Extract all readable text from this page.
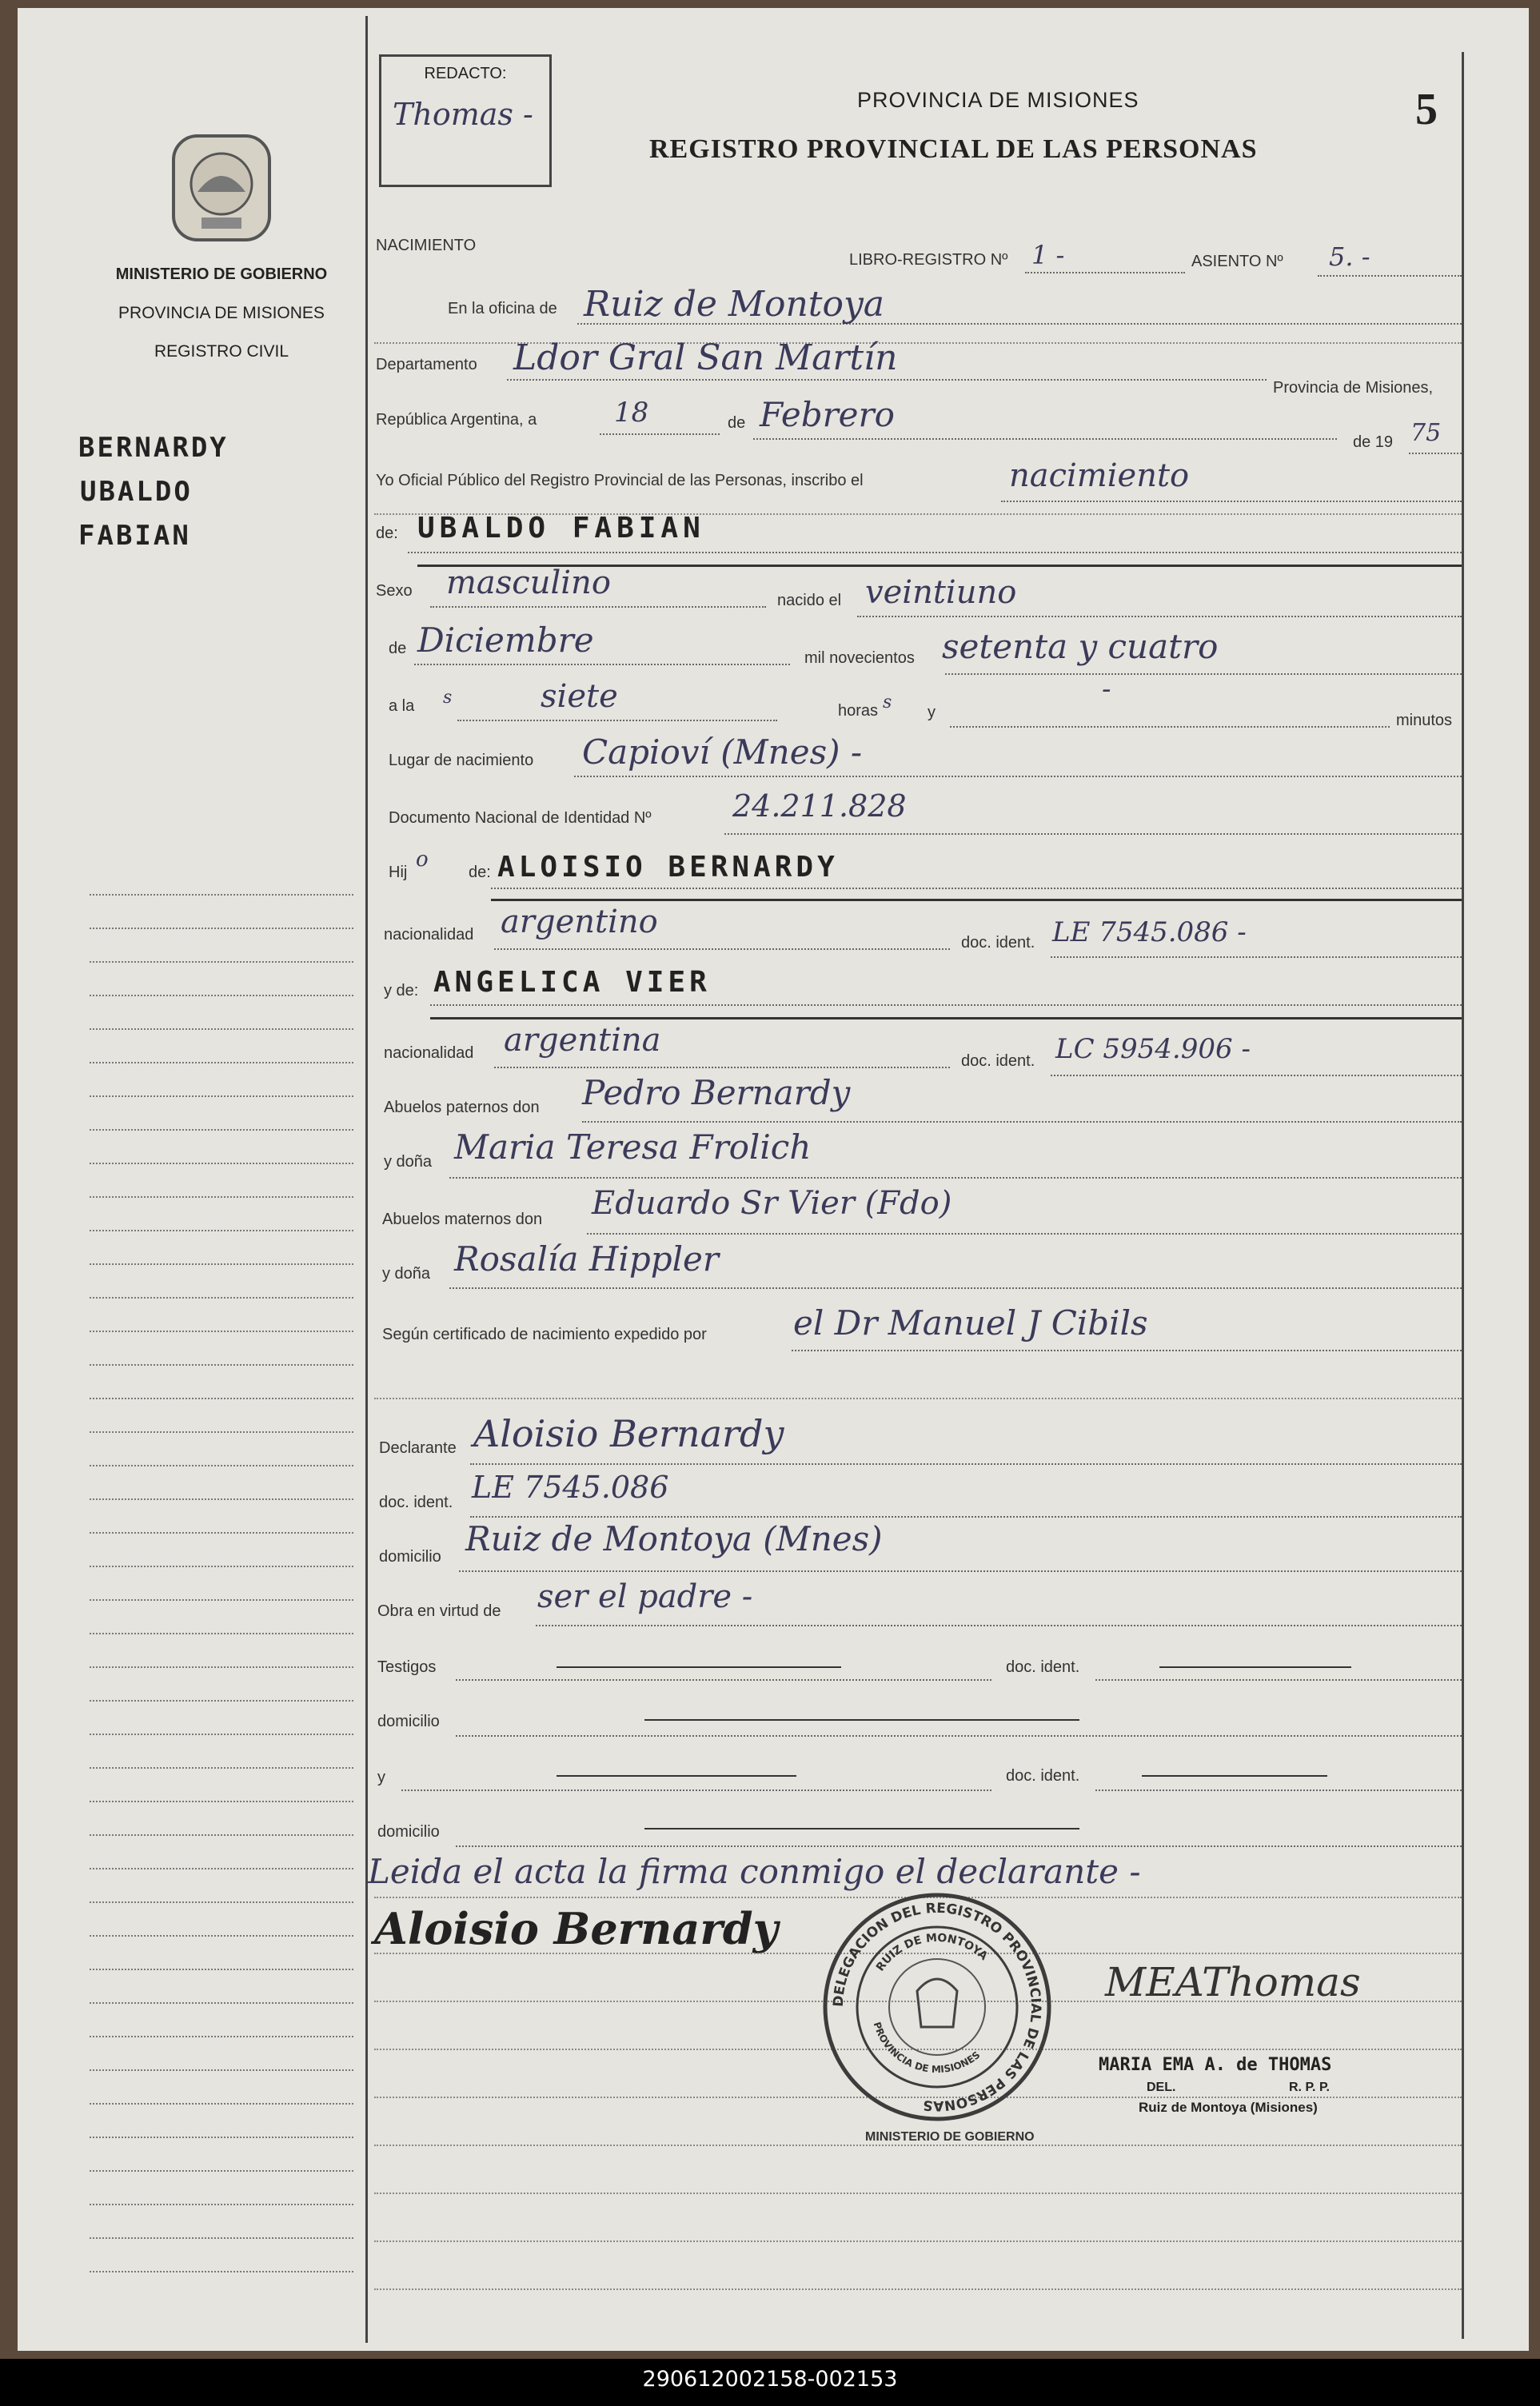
MINISTERIO DE GOBIERNO
PROVINCIA DE MISIONES
REGISTRO CIVIL
BERNARDY
UBALDO
FABIAN
REDACTO:
Thomas -	PROVINCIA DE MISIONES
REGISTRO PROVINCIAL DE LAS PERSONAS
5
NACIMIENTO
LIBRO-REGISTRO Nº 1 -	ASIENTO Nº 5. -
En la oficina de Ruiz de Montoya
Departamento Ldor Gral San Martín
Provincia de Misiones,
República Argentina, a	18	de Febrero
de 19 75
Yo Oficial Público del Registro Provincial de las Personas, inscribo el	nacimiento
de: UBALDO FABIAN
Sexo masculino	nacido el veintiuno
de Diciembre	mil novecientos setenta y cuatro
-
a la s	siete	horas s y	minutos
Lugar de nacimiento Capioví (Mnes) -
Documento Nacional de Identidad Nº	24.211.828
Hij
o
de: ALOISIO BERNARDY
nacionalidad argentino
doc. ident. LE 7545.086 -
y de: ANGELICA VIER
nacionalidad argentina
doc. ident. LC 5954.906 -
Abuelos paternos don Pedro Bernardy
y doña Maria Teresa Frolich
Abuelos maternos don Eduardo Sr Vier (Fdo)
y doña Rosalía Hippler
Según certificado de nacimiento expedido por	el Dr Manuel J Cibils
Declarante Aloisio Bernardy
doc. ident. LE 7545.086
domicilio Ruiz de Montoya (Mnes)
Obra en virtud de ser el padre -
Testigos	doc. ident.
domicilio
y	doc. ident.
domicilio
Leida el acta la firma conmigo el declarante -
Aloisio Bernardy
MEAThomas
MARIA EMA A. de THOMAS
DEL.	R. P. P.
Ruiz de Montoya (Misiones)
DELEGACION DEL REGISTRO PROVINCIAL DE LAS PERSONAS
RUIZ DE MONTOYA
PROVINCIA DE MISIONES
MINISTERIO DE GOBIERNO
290612002158-002153
